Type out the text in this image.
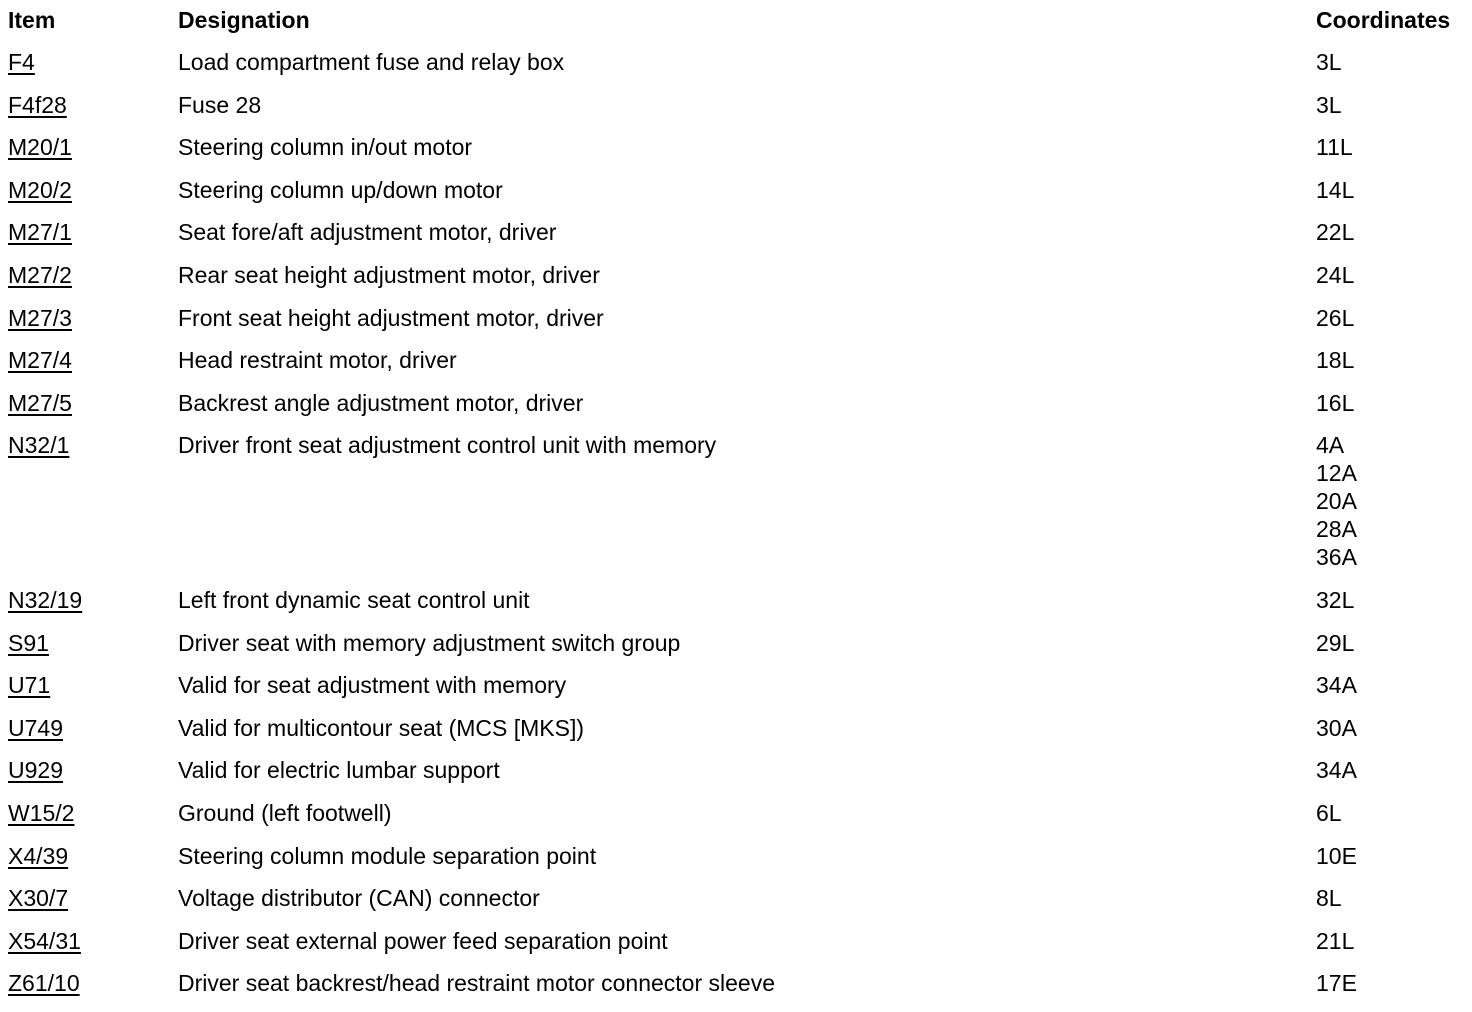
Item	Designation	Coordinates
F4	Load compartment fuse and relay box	3L

F4f28	Fuse 28	3L

M20/1	Steering column in/out motor	11L

M20/2	Steering column up/down motor	14L

M27/1	Seat fore/aft adjustment motor, driver	22L

M27/2	Rear seat height adjustment motor, driver	24L

M27/3	Front seat height adjustment motor, driver	26L

M27/4	Head restraint motor, driver	18L

M27/5	Backrest angle adjustment motor, driver	16L

N32/1	Driver front seat adjustment control unit with memory	4A
12A
20A
28A
36A

N32/19	Left front dynamic seat control unit	32L

S91	Driver seat with memory adjustment switch group	29L

U71	Valid for seat adjustment with memory	34A

U749	Valid for multicontour seat (MCS [MKS])	30A

U929	Valid for electric lumbar support	34A

W15/2	Ground (left footwell)	6L

X4/39	Steering column module separation point	10E

X30/7	Voltage distributor (CAN) connector	8L

X54/31	Driver seat external power feed separation point	21L

Z61/10	Driver seat backrest/head restraint motor connector sleeve	17E
